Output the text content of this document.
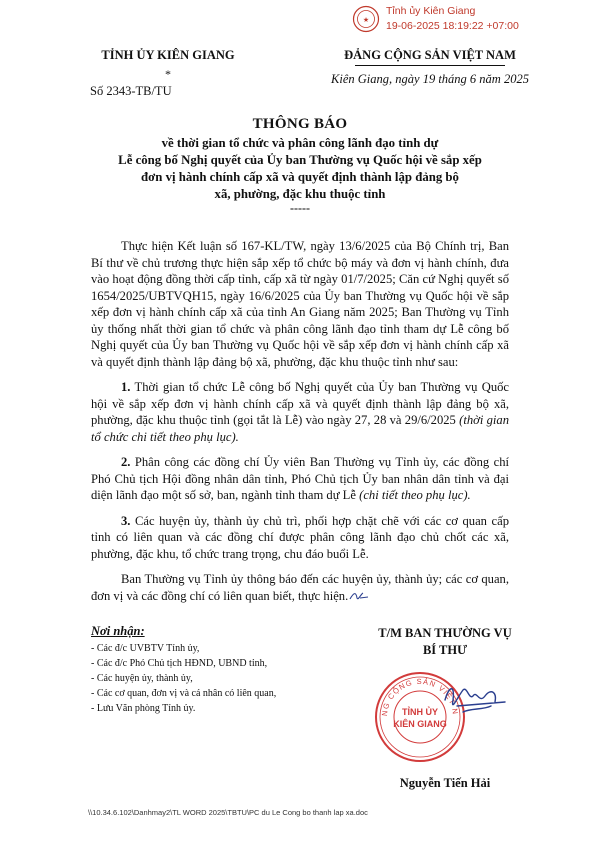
★
Tỉnh ủy Kiên Giang
19-06-2025 18:19:22 +07:00
TỈNH ỦY KIÊN GIANG
*
Số 2343-TB/TU
ĐẢNG CỘNG SẢN VIỆT NAM
Kiên Giang, ngày 19 tháng 6 năm 2025
THÔNG BÁO
về thời gian tổ chức và phân công lãnh đạo tỉnh dự
Lễ công bố Nghị quyết của Ủy ban Thường vụ Quốc hội về sắp xếp
đơn vị hành chính cấp xã và quyết định thành lập đảng bộ
xã, phường, đặc khu thuộc tỉnh
-----

Thực hiện Kết luận số 167-KL/TW, ngày 13/6/2025 của Bộ Chính trị, Ban Bí thư về chủ trương thực hiện sắp xếp tổ chức bộ máy và đơn vị hành chính, đưa vào hoạt động đồng thời cấp tỉnh, cấp xã từ ngày 01/7/2025; Căn cứ Nghị quyết số 1654/2025/UBTVQH15, ngày 16/6/2025 của Ủy ban Thường vụ Quốc hội về sắp xếp đơn vị hành chính cấp xã của tỉnh An Giang năm 2025; Ban Thường vụ Tỉnh ủy thống nhất thời gian tổ chức và phân công lãnh đạo tỉnh tham dự Lễ công bố Nghị quyết của Ủy ban Thường vụ Quốc hội về sắp xếp đơn vị hành chính cấp xã và quyết định thành lập đảng bộ xã, phường, đặc khu thuộc tỉnh như sau:

1. Thời gian tổ chức Lễ công bố Nghị quyết của Ủy ban Thường vụ Quốc hội về sắp xếp đơn vị hành chính cấp xã và quyết định thành lập đảng bộ xã, phường, đặc khu thuộc tỉnh (gọi tắt là Lễ) vào ngày 27, 28 và 29/6/2025 (thời gian tổ chức chi tiết theo phụ lục).

2. Phân công các đồng chí Ủy viên Ban Thường vụ Tỉnh ủy, các đồng chí Phó Chủ tịch Hội đồng nhân dân tỉnh, Phó Chủ tịch Ủy ban nhân dân tỉnh và đại diện lãnh đạo một số sở, ban, ngành tỉnh tham dự Lễ (chi tiết theo phụ lục).

3. Các huyện ủy, thành ủy chủ trì, phối hợp chặt chẽ với các cơ quan cấp tỉnh có liên quan và các đồng chí được phân công lãnh đạo chủ chốt các xã, phường, đặc khu, tổ chức trang trọng, chu đáo buổi Lễ.

Ban Thường vụ Tỉnh ủy thông báo đến các huyện ủy, thành ủy; các cơ quan, đơn vị và các đồng chí có liên quan biết, thực hiện.

Nơi nhận:
- Các đ/c UVBTV Tỉnh ủy,
- Các đ/c Phó Chủ tịch HĐND, UBND tỉnh,
- Các huyện ủy, thành ủy,
- Các cơ quan, đơn vị và cá nhân có liên quan,
- Lưu Văn phòng Tỉnh ủy.
T/M BAN THƯỜNG VỤ
BÍ THƯ
NG CỘNG SẢN VIỆT N
TỈNH ỦY
KIÊN GIANG
Nguyễn Tiến Hải
\\10.34.6.102\Danhmay2\TL WORD 2025\TBTU\PC du Le Cong bo thanh lap xa.doc
